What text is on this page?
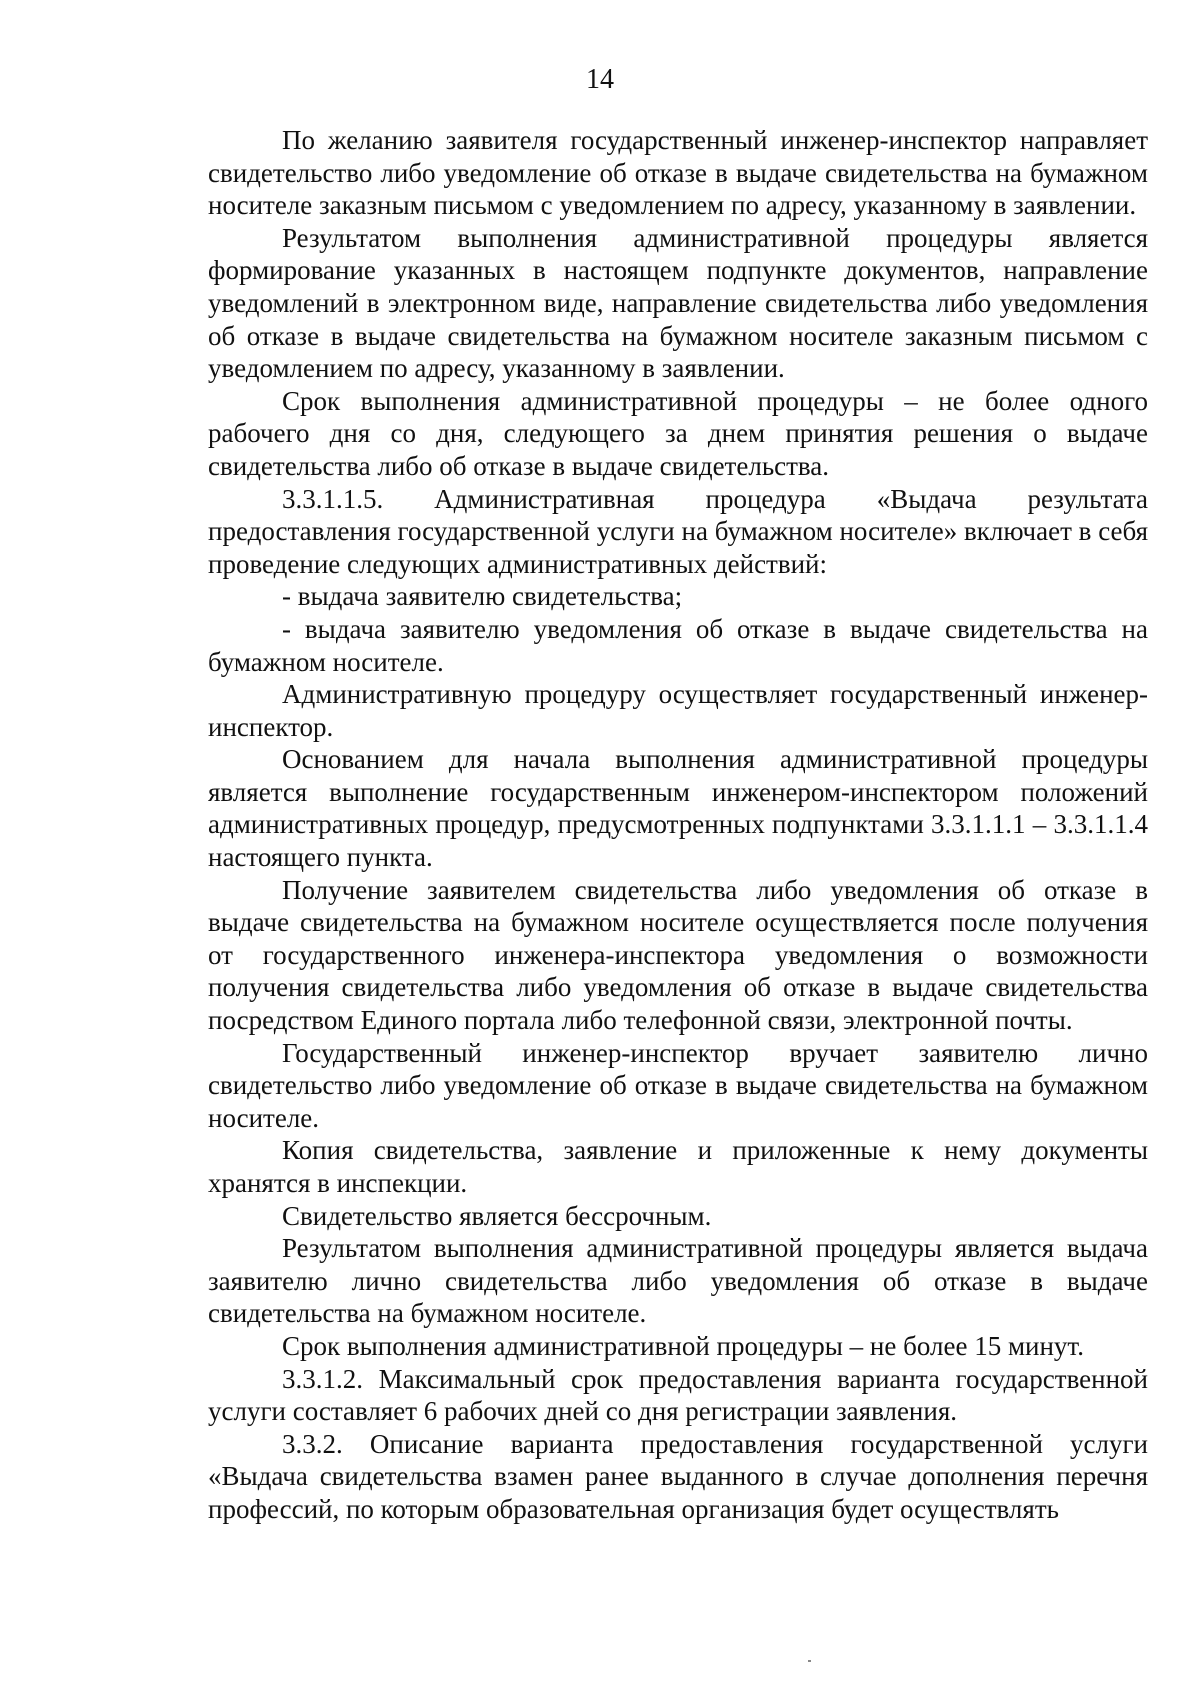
14

По желанию заявителя государственный инженер-инспектор направляет свидетельство либо уведомление об отказе в выдаче свидетельства на бумажном носителе заказным письмом с уведомлением по адресу, указанному в заявлении.

Результатом выполнения административной процедуры является формирование указанных в настоящем подпункте документов, направление уведомлений в электронном виде, направление свидетельства либо уведомления об отказе в выдаче свидетельства на бумажном носителе заказным письмом с уведомлением по адресу, указанному в заявлении.

Срок выполнения административной процедуры – не более одного рабочего дня со дня, следующего за днем принятия решения о выдаче свидетельства либо об отказе в выдаче свидетельства.

3.3.1.1.5. Административная процедура «Выдача результата предоставления государственной услуги на бумажном носителе» включает в себя проведение следующих административных действий:

- выдача заявителю свидетельства;

- выдача заявителю уведомления об отказе в выдаче свидетельства на бумажном носителе.

Административную процедуру осуществляет государственный инженер-инспектор.

Основанием для начала выполнения административной процедуры является выполнение государственным инженером-инспектором положений административных процедур, предусмотренных подпунктами 3.3.1.1.1 – 3.3.1.1.4 настоящего пункта.

Получение заявителем свидетельства либо уведомления об отказе в выдаче свидетельства на бумажном носителе осуществляется после получения от государственного инженера-инспектора уведомления о возможности получения свидетельства либо уведомления об отказе в выдаче свидетельства посредством Единого портала либо телефонной связи, электронной почты.

Государственный инженер-инспектор вручает заявителю лично свидетельство либо уведомление об отказе в выдаче свидетельства на бумажном носителе.

Копия свидетельства, заявление и приложенные к нему документы хранятся в инспекции.

Свидетельство является бессрочным.

Результатом выполнения административной процедуры является выдача заявителю лично свидетельства либо уведомления об отказе в выдаче свидетельства на бумажном носителе.

Срок выполнения административной процедуры – не более 15 минут.

3.3.1.2. Максимальный срок предоставления варианта государственной услуги составляет 6 рабочих дней со дня регистрации заявления.

3.3.2. Описание варианта предоставления государственной услуги «Выдача свидетельства взамен ранее выданного в случае дополнения перечня профессий, по которым образовательная организация будет осуществлять
